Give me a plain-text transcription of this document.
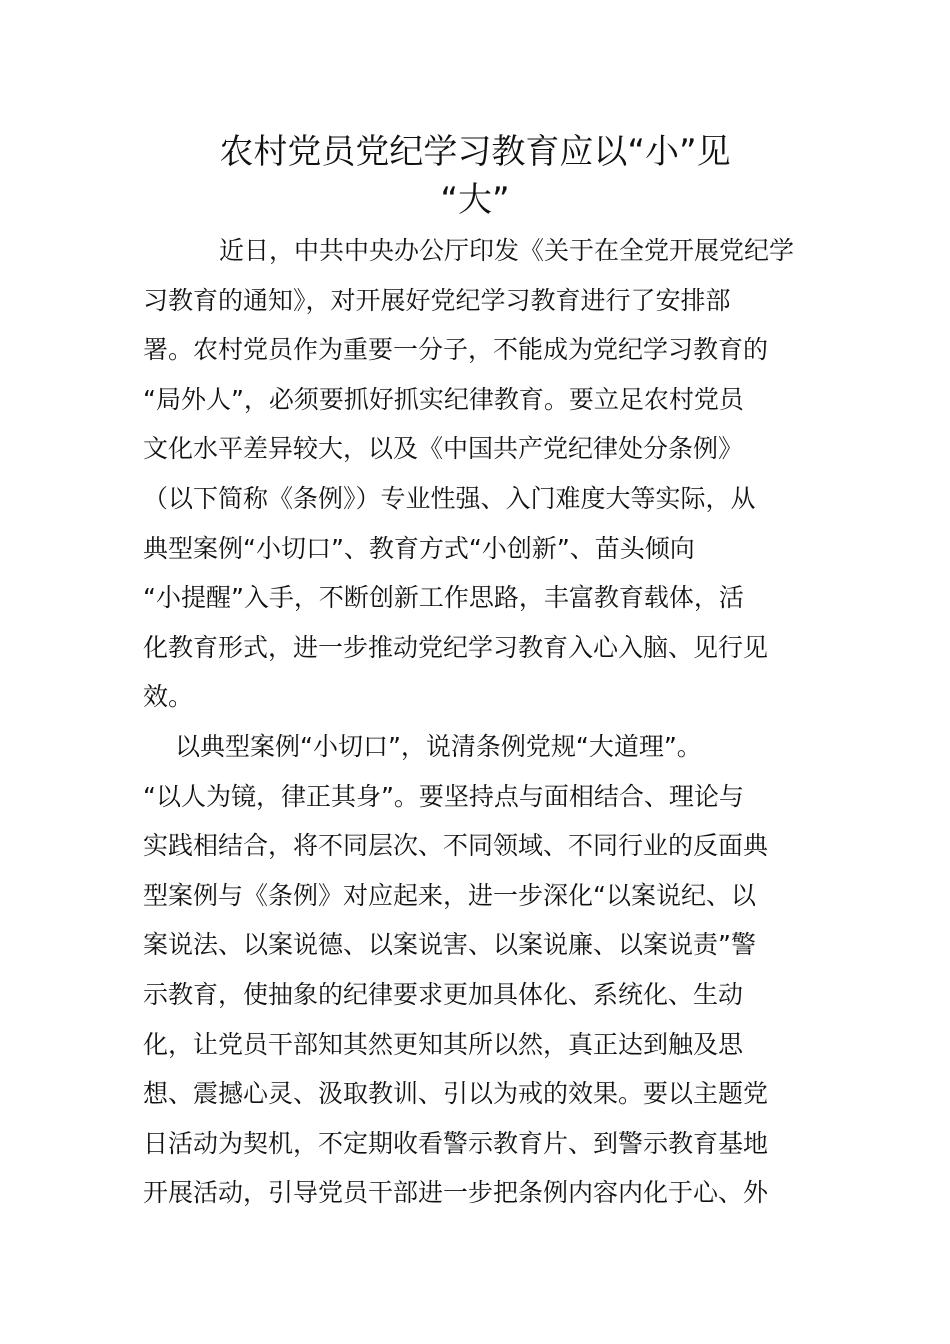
农村党员党纪学习教育应以“小”见
“大”

近日，中共中央办公厅印发《关于在全党开展党纪学
习教育的通知》，对开展好党纪学习教育进行了安排部
署。农村党员作为重要一分子，不能成为党纪学习教育的
“局外人”，必须要抓好抓实纪律教育。要立足农村党员
文化水平差异较大，以及《中国共产党纪律处分条例》
（以下简称《条例》）专业性强、入门难度大等实际，从
典型案例“小切口”、教育方式“小创新”、苗头倾向
“小提醒”入手，不断创新工作思路，丰富教育载体，活
化教育形式，进一步推动党纪学习教育入心入脑、见行见
效。

以典型案例“小切口”，说清条例党规“大道理”。
“以人为镜，律正其身”。要坚持点与面相结合、理论与
实践相结合，将不同层次、不同领域、不同行业的反面典
型案例与《条例》对应起来，进一步深化“以案说纪、以
案说法、以案说德、以案说害、以案说廉、以案说责”警
示教育，使抽象的纪律要求更加具体化、系统化、生动
化，让党员干部知其然更知其所以然，真正达到触及思
想、震撼心灵、汲取教训、引以为戒的效果。要以主题党
日活动为契机，不定期收看警示教育片、到警示教育基地
开展活动，引导党员干部进一步把条例内容内化于心、外
